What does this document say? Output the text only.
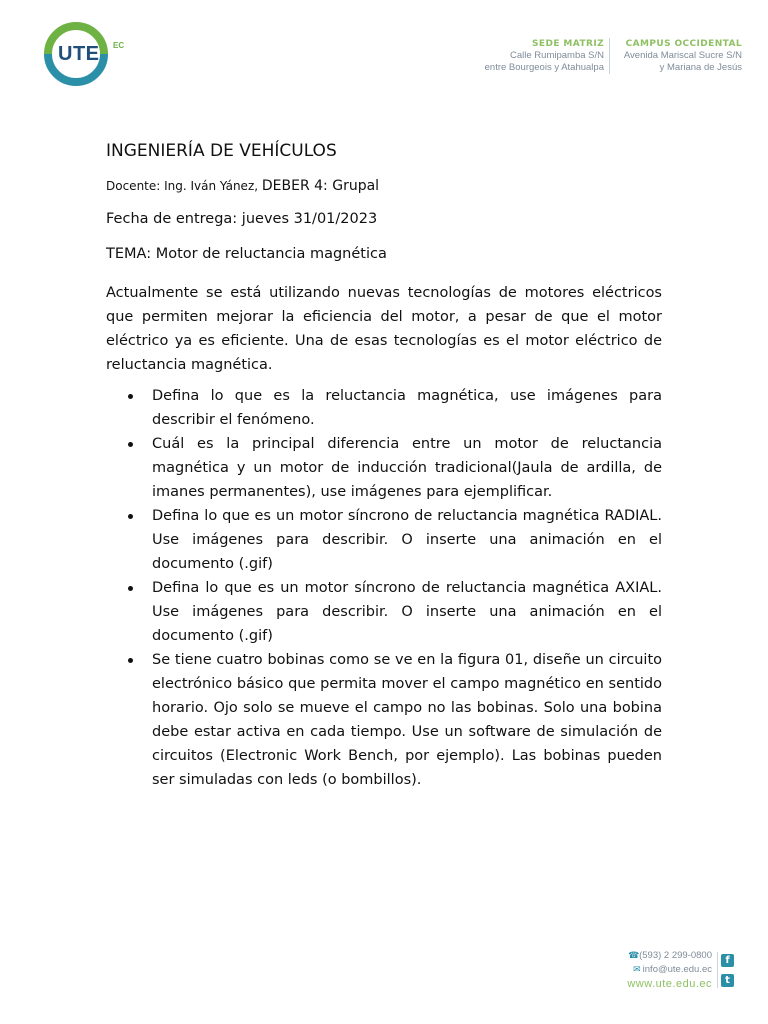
UTE EC	SEDE MATRIZ
Calle Rumipamba S/N
entre Bourgeois y Atahualpa
CAMPUS OCCIDENTAL
Avenida Mariscal Sucre S/N
y Mariana de Jesús
INGENIERÍA DE VEHÍCULOS
Docente: Ing. Iván Yánez, DEBER 4: Grupal
Fecha de entrega: jueves 31/01/2023
TEMA: Motor de reluctancia magnética
Actualmente se está utilizando nuevas tecnologías de motores eléctricos que permiten mejorar la eficiencia del motor, a pesar de que el motor eléctrico ya es eficiente. Una de esas tecnologías es el motor eléctrico de reluctancia magnética.
Defina lo que es la reluctancia magnética, use imágenes para describir el fenómeno.
Cuál es la principal diferencia entre un motor de reluctancia magnética y un motor de inducción tradicional(Jaula de ardilla, de imanes permanentes), use imágenes para ejemplificar.
Defina lo que es un motor síncrono de reluctancia magnética RADIAL. Use imágenes para describir. O inserte una animación en el documento (.gif)
Defina lo que es un motor síncrono de reluctancia magnética AXIAL. Use imágenes para describir. O inserte una animación en el documento (.gif)
Se tiene cuatro bobinas como se ve en la figura 01, diseñe un circuito electrónico básico que permita mover el campo magnético en sentido horario. Ojo solo se mueve el campo no las bobinas. Solo una bobina debe estar activa en cada tiempo. Use un software de simulación de circuitos (Electronic Work Bench, por ejemplo). Las bobinas pueden ser simuladas con leds (o bombillos).
☎(593) 2 299-0800
✉ info@ute.edu.ec
www.ute.edu.ec
f
t
